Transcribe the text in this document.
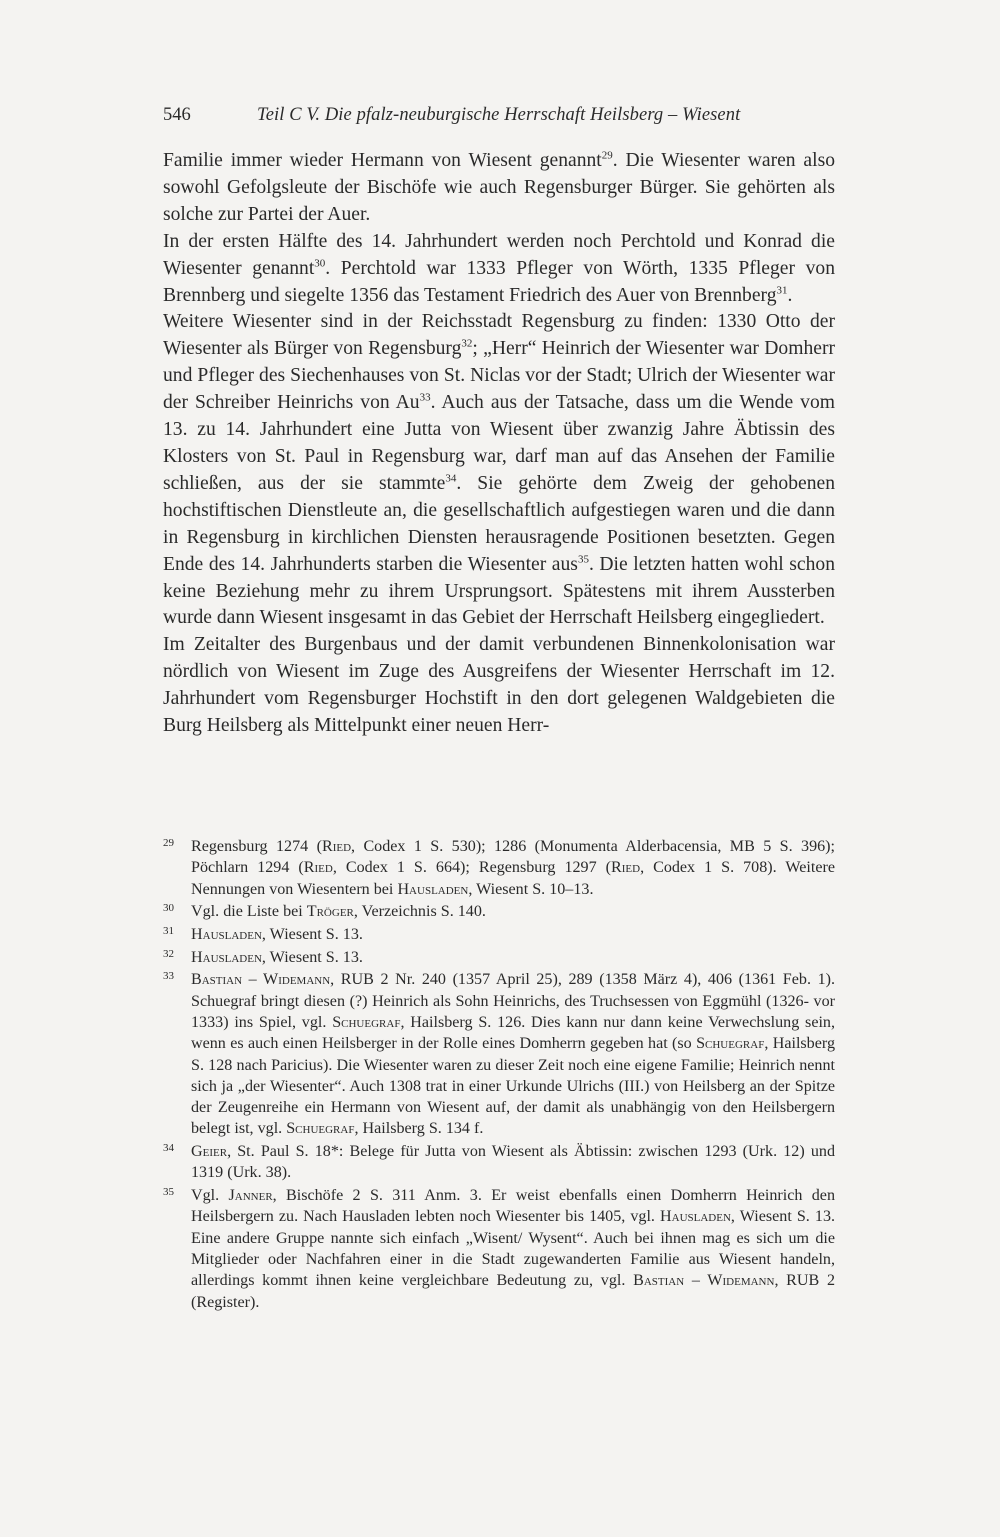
546	Teil C V. Die pfalz-neuburgische Herrschaft Heilsberg – Wiesent

Familie immer wieder Hermann von Wiesent genannt$^{29}$. Die Wiesenter waren also sowohl Gefolgsleute der Bischöfe wie auch Regensburger Bürger. Sie gehörten als solche zur Partei der Auer.

In der ersten Hälfte des 14. Jahrhundert werden noch Perchtold und Konrad die Wiesenter genannt$^{30}$. Perchtold war 1333 Pfleger von Wörth, 1335 Pfleger von Brennberg und siegelte 1356 das Testament Friedrich des Auer von Brennberg$^{31}$.

Weitere Wiesenter sind in der Reichsstadt Regensburg zu finden: 1330 Otto der Wiesenter als Bürger von Regensburg$^{32}$; „Herr“ Heinrich der Wiesenter war Domherr und Pfleger des Siechenhauses von St. Niclas vor der Stadt; Ulrich der Wiesenter war der Schreiber Heinrichs von Au$^{33}$. Auch aus der Tatsache, dass um die Wende vom 13. zu 14. Jahrhundert eine Jutta von Wiesent über zwanzig Jahre Äbtissin des Klosters von St. Paul in Regensburg war, darf man auf das Ansehen der Familie schließen, aus der sie stammte$^{34}$. Sie gehörte dem Zweig der gehobenen hochstiftischen Dienstleute an, die gesellschaftlich aufgestiegen waren und die dann in Regensburg in kirchlichen Diensten herausragende Positionen besetzten. Gegen Ende des 14. Jahrhunderts starben die Wiesenter aus$^{35}$. Die letzten hatten wohl schon keine Beziehung mehr zu ihrem Ursprungsort. Spätestens mit ihrem Aussterben wurde dann Wiesent insgesamt in das Gebiet der Herrschaft Heilsberg eingegliedert.

Im Zeitalter des Burgenbaus und der damit verbundenen Binnenkolonisation war nördlich von Wiesent im Zuge des Ausgreifens der Wiesenter Herrschaft im 12. Jahrhundert vom Regensburger Hochstift in den dort gelegenen Waldgebieten die Burg Heilsberg als Mittelpunkt einer neuen Herr-

29 Regensburg 1274 (Ried, Codex 1 S. 530); 1286 (Monumenta Alderbacensia, MB 5 S. 396); Pöchlarn 1294 (Ried, Codex 1 S. 664); Regensburg 1297 (Ried, Codex 1 S. 708). Weitere Nennungen von Wiesentern bei Hausladen, Wiesent S. 10–13.
30 Vgl. die Liste bei Tröger, Verzeichnis S. 140.
31 Hausladen, Wiesent S. 13.
32 Hausladen, Wiesent S. 13.
33 Bastian – Widemann, RUB 2 Nr. 240 (1357 April 25), 289 (1358 März 4), 406 (1361 Feb. 1). Schuegraf bringt diesen (?) Heinrich als Sohn Heinrichs, des Truchsessen von Eggmühl (1326- vor 1333) ins Spiel, vgl. Schuegraf, Hailsberg S. 126. Dies kann nur dann keine Verwechslung sein, wenn es auch einen Heilsberger in der Rolle eines Domherrn gegeben hat (so Schuegraf, Hailsberg S. 128 nach Paricius). Die Wiesenter waren zu dieser Zeit noch eine eigene Familie; Heinrich nennt sich ja „der Wiesenter“. Auch 1308 trat in einer Urkunde Ulrichs (III.) von Heilsberg an der Spitze der Zeugenreihe ein Hermann von Wiesent auf, der damit als unabhängig von den Heilsbergern belegt ist, vgl. Schuegraf, Hailsberg S. 134 f.
34 Geier, St. Paul S. 18*: Belege für Jutta von Wiesent als Äbtissin: zwischen 1293 (Urk. 12) und 1319 (Urk. 38).
35 Vgl. Janner, Bischöfe 2 S. 311 Anm. 3. Er weist ebenfalls einen Domherrn Heinrich den Heilsbergern zu. Nach Hausladen lebten noch Wiesenter bis 1405, vgl. Hausladen, Wiesent S. 13. Eine andere Gruppe nannte sich einfach „Wisent/ Wysent“. Auch bei ihnen mag es sich um die Mitglieder oder Nachfahren einer in die Stadt zugewanderten Familie aus Wiesent handeln, allerdings kommt ihnen keine vergleichbare Bedeutung zu, vgl. Bastian – Widemann, RUB 2 (Register).
